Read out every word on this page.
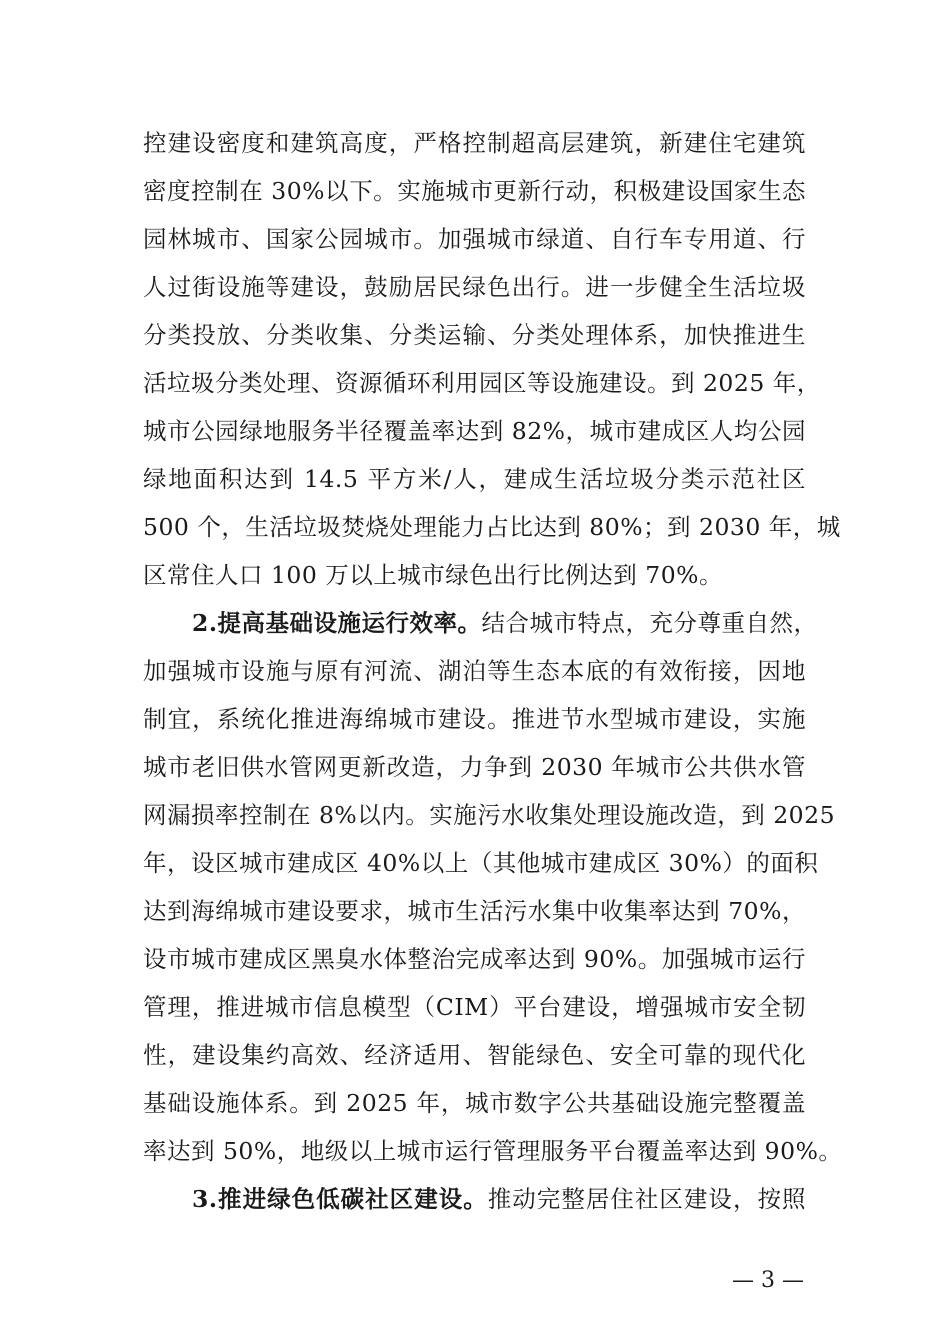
控建设密度和建筑高度，严格控制超高层建筑，新建住宅建筑
密度控制在 30%以下。实施城市更新行动，积极建设国家生态
园林城市、国家公园城市。加强城市绿道、自行车专用道、行
人过街设施等建设，鼓励居民绿色出行。进一步健全生活垃圾
分类投放、分类收集、分类运输、分类处理体系，加快推进生
活垃圾分类处理、资源循环利用园区等设施建设。到 2025 年，
城市公园绿地服务半径覆盖率达到 82%，城市建成区人均公园
绿地面积达到 14.5 平方米/人，建成生活垃圾分类示范社区
500 个，生活垃圾焚烧处理能力占比达到 80%；到 2030 年，城
区常住人口 100 万以上城市绿色出行比例达到 70%。
2.提高基础设施运行效率。结合城市特点，充分尊重自然，
加强城市设施与原有河流、湖泊等生态本底的有效衔接，因地
制宜，系统化推进海绵城市建设。推进节水型城市建设，实施
城市老旧供水管网更新改造，力争到 2030 年城市公共供水管
网漏损率控制在 8%以内。实施污水收集处理设施改造，到 2025
年，设区城市建成区 40%以上（其他城市建成区 30%）的面积
达到海绵城市建设要求，城市生活污水集中收集率达到 70%，
设市城市建成区黑臭水体整治完成率达到 90%。加强城市运行
管理，推进城市信息模型（CIM）平台建设，增强城市安全韧
性，建设集约高效、经济适用、智能绿色、安全可靠的现代化
基础设施体系。到 2025 年，城市数字公共基础设施完整覆盖
率达到 50%，地级以上城市运行管理服务平台覆盖率达到 90%。
3.推进绿色低碳社区建设。推动完整居住社区建设，按照
— 3 —
